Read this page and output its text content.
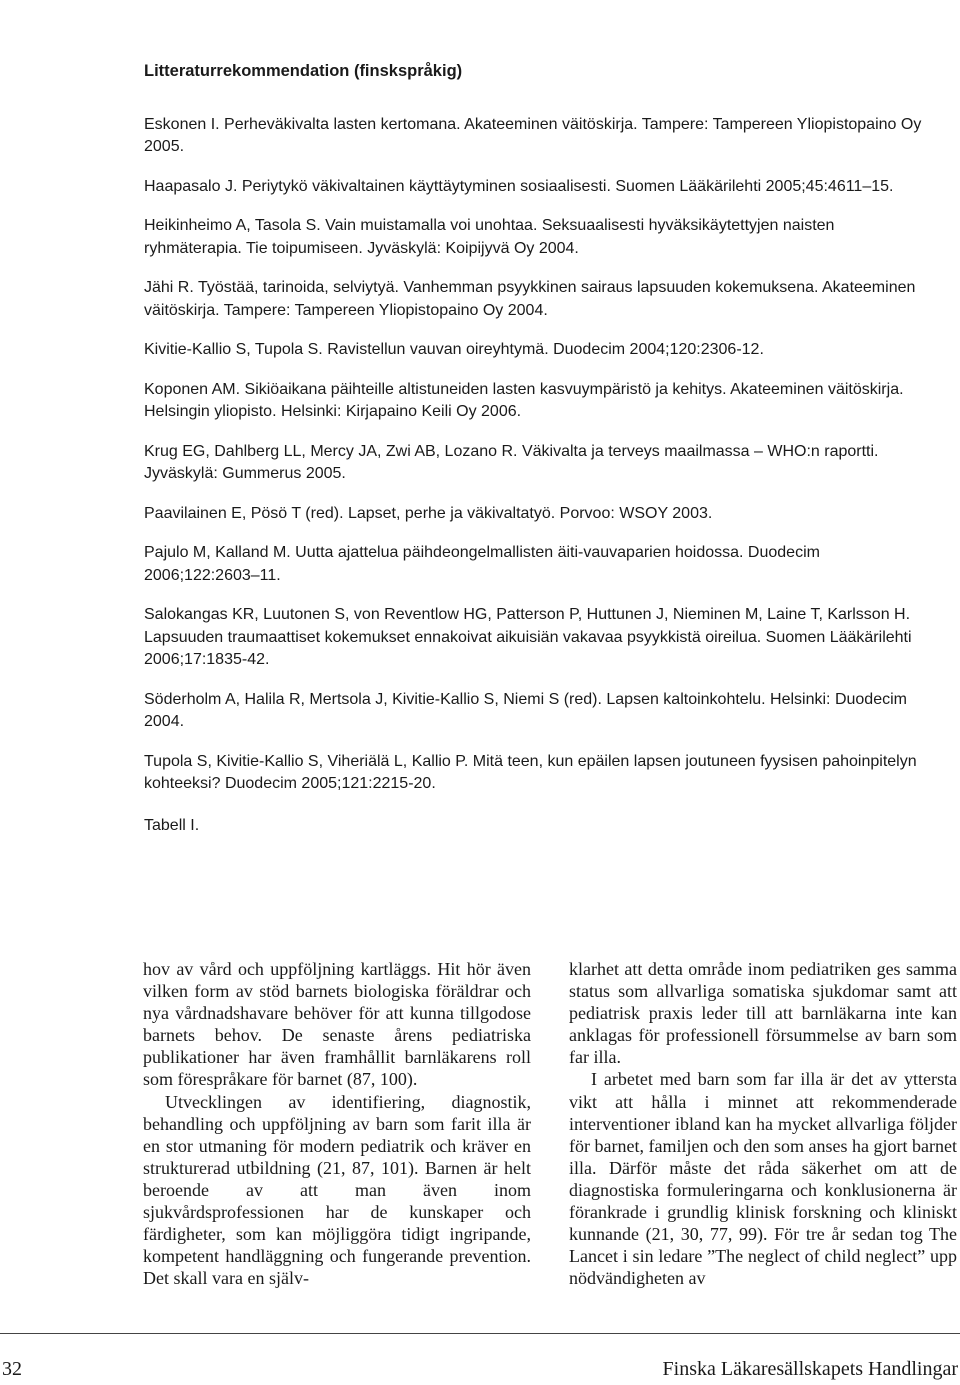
Litteraturrekommendation (finskspråkig)
Eskonen I. Perheväkivalta lasten kertomana. Akateeminen väitöskirja. Tampere: Tampereen Yliopistopaino Oy 2005.
Haapasalo J. Periytykö väkivaltainen käyttäytyminen sosiaalisesti. Suomen Lääkärilehti 2005;45:4611–15.
Heikinheimo A, Tasola S. Vain muistamalla voi unohtaa. Seksuaalisesti hyväksikäytettyjen naisten ryhmäterapia. Tie toipumiseen. Jyväskylä: Koipijyvä Oy 2004.
Jähi R. Työstää, tarinoida, selviytyä. Vanhemman psyykkinen sairaus lapsuuden kokemuksena. Akateeminen väitöskirja. Tampere: Tampereen Yliopistopaino Oy 2004.
Kivitie-Kallio S, Tupola S. Ravistellun vauvan oireyhtymä. Duodecim 2004;120:2306-12.
Koponen AM. Sikiöaikana päihteille altistuneiden lasten kasvuympäristö ja kehitys. Akateeminen väitöskirja. Helsingin yliopisto. Helsinki: Kirjapaino Keili Oy 2006.
Krug EG, Dahlberg LL, Mercy JA, Zwi AB, Lozano R. Väkivalta ja terveys maailmassa – WHO:n raportti. Jyväskylä: Gummerus 2005.
Paavilainen E, Pösö T (red). Lapset, perhe ja väkivaltatyö. Porvoo: WSOY 2003.
Pajulo M, Kalland M. Uutta ajattelua päihdeongelmallisten äiti-vauvaparien hoidossa. Duodecim 2006;122:2603–11.
Salokangas KR, Luutonen S, von Reventlow HG, Patterson P, Huttunen J, Nieminen M, Laine T, Karlsson H. Lapsuuden traumaattiset kokemukset ennakoivat aikuisiän vakavaa psyykkistä oireilua. Suomen Lääkärilehti 2006;17:1835-42.
Söderholm A, Halila R, Mertsola J, Kivitie-Kallio S, Niemi S (red). Lapsen kaltoinkohtelu. Helsinki: Duodecim 2004.
Tupola S, Kivitie-Kallio S, Viheriälä L, Kallio P. Mitä teen, kun epäilen lapsen joutuneen fyysisen pahoinpitelyn kohteeksi? Duodecim 2005;121:2215-20.
Tabell I.

hov av vård och uppföljning kartläggs. Hit hör även vilken form av stöd barnets biologiska föräldrar och nya vårdnadshavare behöver för att kunna tillgodose barnets behov. De senaste årens pediatriska publikationer har även framhållit barnläkarens roll som förespråkare för barnet (87, 100).

Utvecklingen av identifiering, diagnostik, behandling och uppföljning av barn som farit illa är en stor utmaning för modern pediatrik och kräver en strukturerad utbildning (21, 87, 101). Barnen är helt beroende av att man även inom sjukvårdsprofessionen har de kunskaper och färdigheter, som kan möjliggöra tidigt ingripande, kompetent handläggning och fungerande prevention. Det skall vara en själv-

klarhet att detta område inom pediatriken ges samma status som allvarliga somatiska sjukdomar samt att pediatrisk praxis leder till att barnläkarna inte kan anklagas för professionell försummelse av barn som far illa.

I arbetet med barn som far illa är det av yttersta vikt att hålla i minnet att rekommenderade interventioner ibland kan ha mycket allvarliga följder för barnet, familjen och den som anses ha gjort barnet illa. Därför måste det råda säkerhet om att de diagnostiska formuleringarna och konklusionerna är förankrade i grundlig klinisk forskning och kliniskt kunnande (21, 30, 77, 99). För tre år sedan tog The Lancet i sin ledare ”The neglect of child neglect” upp nödvändigheten av

32	Finska Läkaresällskapets Handlingar
